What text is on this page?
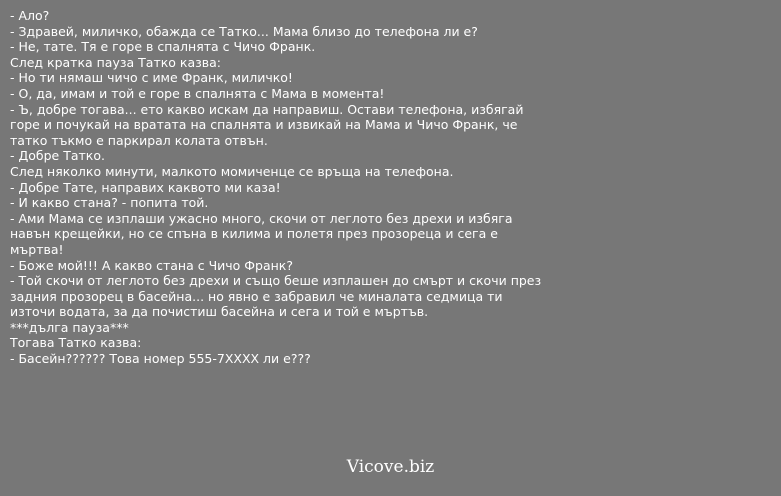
- Ало?
- Здравей, миличко, обажда се Татко... Мама близо до телефона ли е?
- Не, тате. Тя е горе в спалнята с Чичо Франк.
След кратка пауза Татко казва:
- Но ти нямаш чичо с име Франк, миличко!
- О, да, имам и той е горе в спалнята с Мама в момента!
- Ъ, добре тогава... ето какво искам да направиш. Остави телефона, избягай
горе и почукай на вратата на спалнята и извикай на Мама и Чичо Франк, че
татко тъкмо е паркирал колата отвън.
- Добре Татко.
След няколко минути, малкото момиченце се връща на телефона.
- Добре Тате, направих каквото ми каза!
- И какво стана? - попита той.
- Ами Мама се изплаши ужасно много, скочи от леглото без дрехи и избяга
навън крещейки, но се спъна в килима и полетя през прозореца и сега е
мъртва!
- Боже мой!!! А какво стана с Чичо Франк?
- Той скочи от леглото без дрехи и също беше изплашен до смърт и скочи през
задния прозорец в басейна... но явно е забравил че миналата седмица ти
източи водата, за да почистиш басейна и сега и той е мъртъв.
***дълга пауза***
Тогава Татко казва:
- Басейн?????? Това номер 555-7XXXX ли е???
Vicove.biz
